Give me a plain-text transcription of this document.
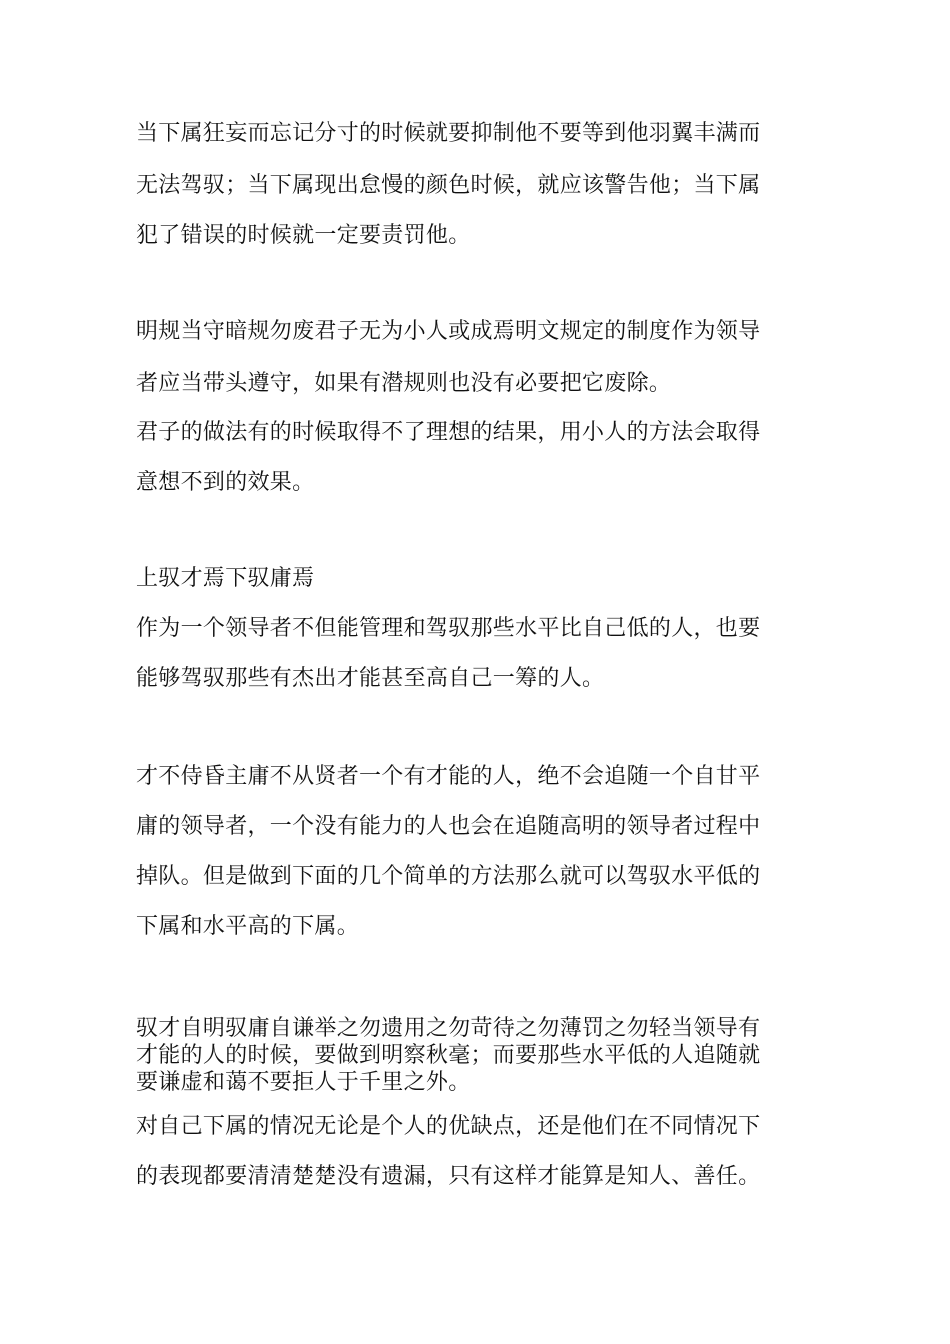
当下属狂妄而忘记分寸的时候就要抑制他不要等到他羽翼丰满而
无法驾驭；当下属现出怠慢的颜色时候，就应该警告他；当下属
犯了错误的时候就一定要责罚他。
明规当守暗规勿废君子无为小人或成焉明文规定的制度作为领导
者应当带头遵守，如果有潜规则也没有必要把它废除。
君子的做法有的时候取得不了理想的结果，用小人的方法会取得
意想不到的效果。
上驭才焉下驭庸焉
作为一个领导者不但能管理和驾驭那些水平比自己低的人，也要
能够驾驭那些有杰出才能甚至高自己一筹的人。
才不侍昏主庸不从贤者一个有才能的人，绝不会追随一个自甘平
庸的领导者，一个没有能力的人也会在追随高明的领导者过程中
掉队。但是做到下面的几个简单的方法那么就可以驾驭水平低的
下属和水平高的下属。
驭才自明驭庸自谦举之勿遗用之勿苛待之勿薄罚之勿轻当领导有
才能的人的时候，要做到明察秋毫；而要那些水平低的人追随就
要谦虚和蔼不要拒人于千里之外。
对自己下属的情况无论是个人的优缺点，还是他们在不同情况下
的表现都要清清楚楚没有遗漏，只有这样才能算是知人、善任。
